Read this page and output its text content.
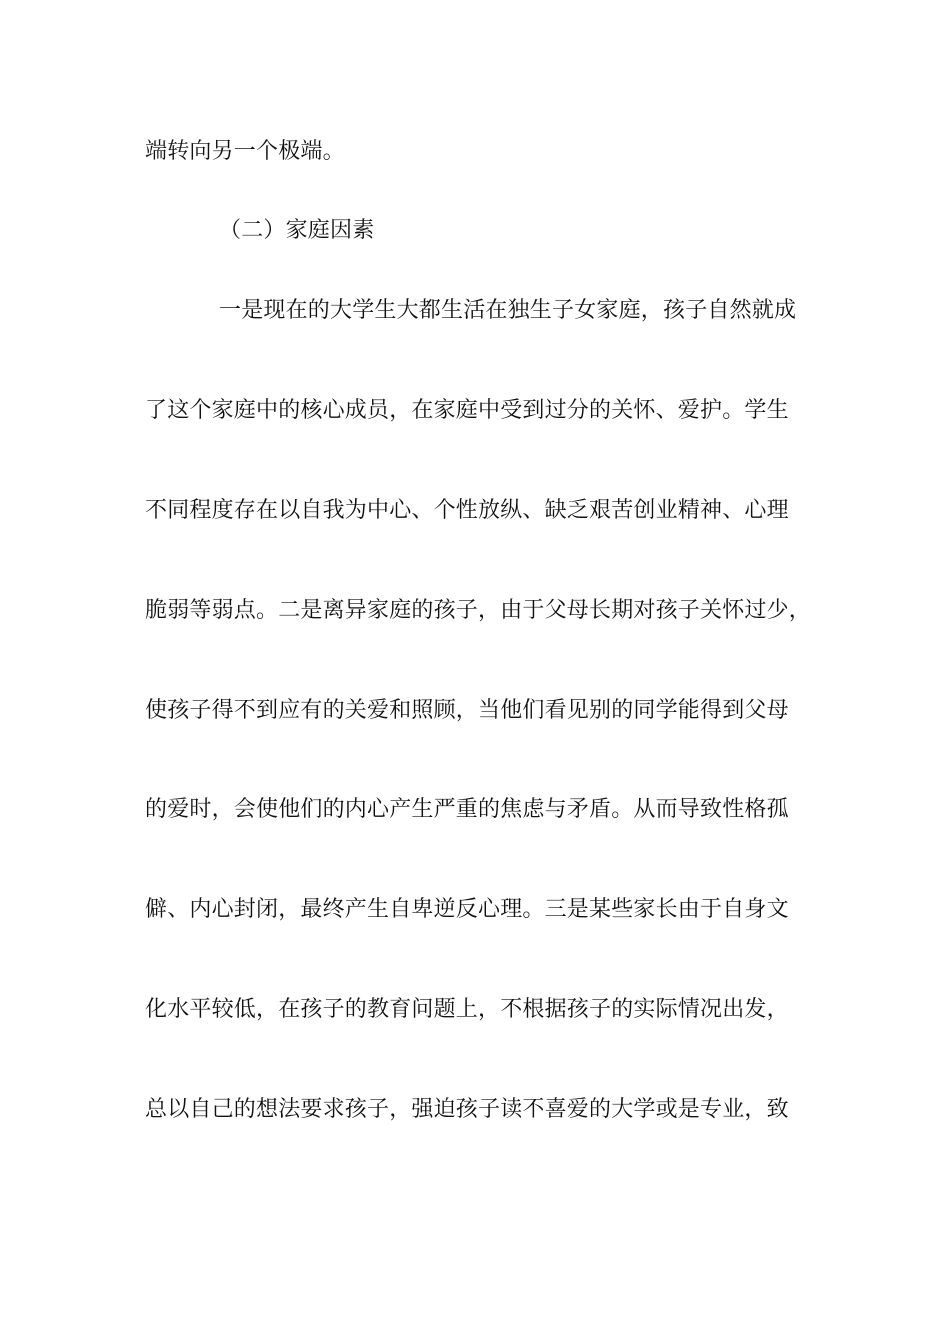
端转向另一个极端。
（二）家庭因素
一是现在的大学生大都生活在独生子女家庭，孩子自然就成
了这个家庭中的核心成员，在家庭中受到过分的关怀、爱护。学生
不同程度存在以自我为中心、个性放纵、缺乏艰苦创业精神、心理
脆弱等弱点。二是离异家庭的孩子，由于父母长期对孩子关怀过少，
使孩子得不到应有的关爱和照顾，当他们看见别的同学能得到父母
的爱时，会使他们的内心产生严重的焦虑与矛盾。从而导致性格孤
僻、内心封闭，最终产生自卑逆反心理。三是某些家长由于自身文
化水平较低，在孩子的教育问题上，不根据孩子的实际情况出发，
总以自己的想法要求孩子，强迫孩子读不喜爱的大学或是专业，致
